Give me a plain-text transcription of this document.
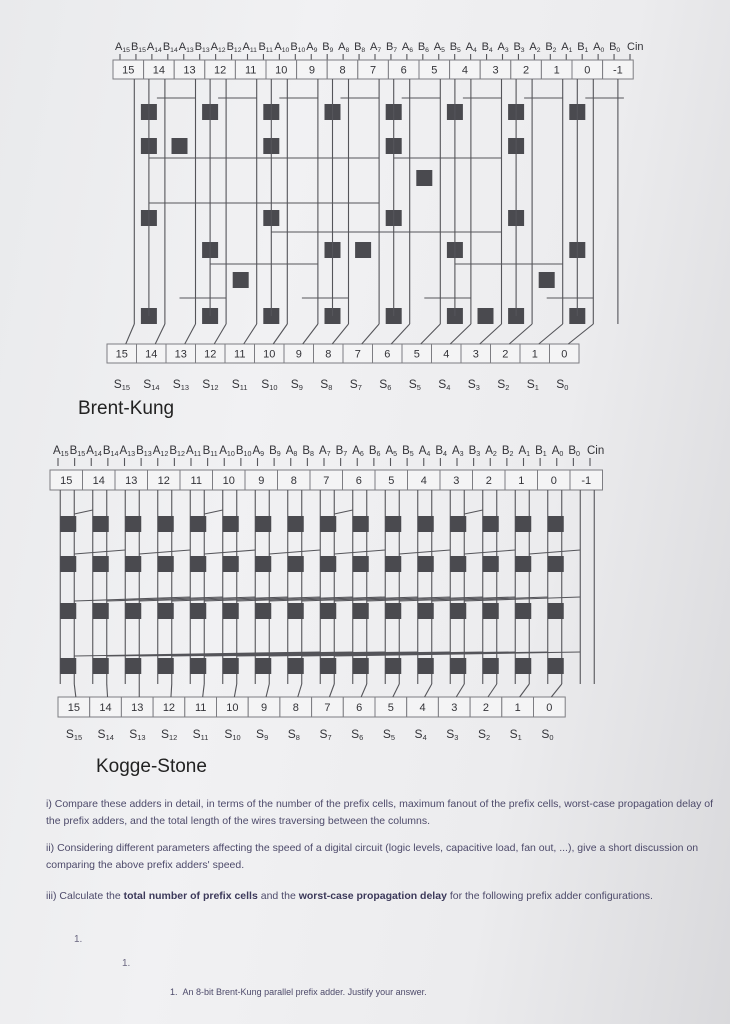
A15 B15 A14 B14 A13 B13 A12 B12 A11 B11 A10 B10 A9 B9 A8 B8 A7 B7 A6 B6 A5 B5 A4 B4 A3 B3 A2 B2 A1 B1 A0 B0 Cin
15 14 13 12 11 10 9 8 7 6 5 4 3 2 1 0 -1
15 14 13 12 11 10 9 8 7 6 5 4 3 2 1 0
S15 S14 S13 S12 S11 S10 S9 S8 S7 S6 S5 S4 S3 S2 S1 S0
Brent-Kung
A15 B15 A14 B14 A13 B13 A12 B12 A11 B11 A10 B10 A9 B9 A8 B8 A7 B7 A6 B6 A5 B5 A4 B4 A3 B3 A2 B2 A1 B1 A0 B0 Cin
15 14 13 12 11 10 9 8 7 6 5 4 3 2 1 0 -1
15 14 13 12 11 10 9 8 7 6 5 4 3 2 1 0
S15 S14 S13 S12 S11 S10 S9 S8 S7 S6 S5 S4 S3 S2 S1 S0
Kogge-Stone
i) Compare these adders in detail, in terms of the number of the prefix cells, maximum fanout of the prefix cells, worst-case propagation delay of the prefix adders, and the total length of the wires traversing between the columns.
ii) Considering different parameters affecting the speed of a digital circuit (logic levels, capacitive load, fan out, ...), give a short discussion on comparing the above prefix adders' speed.
iii) Calculate the total number of prefix cells and the worst-case propagation delay for the following prefix adder configurations.
1.
1.
1. An 8-bit Brent-Kung parallel prefix adder. Justify your answer.
